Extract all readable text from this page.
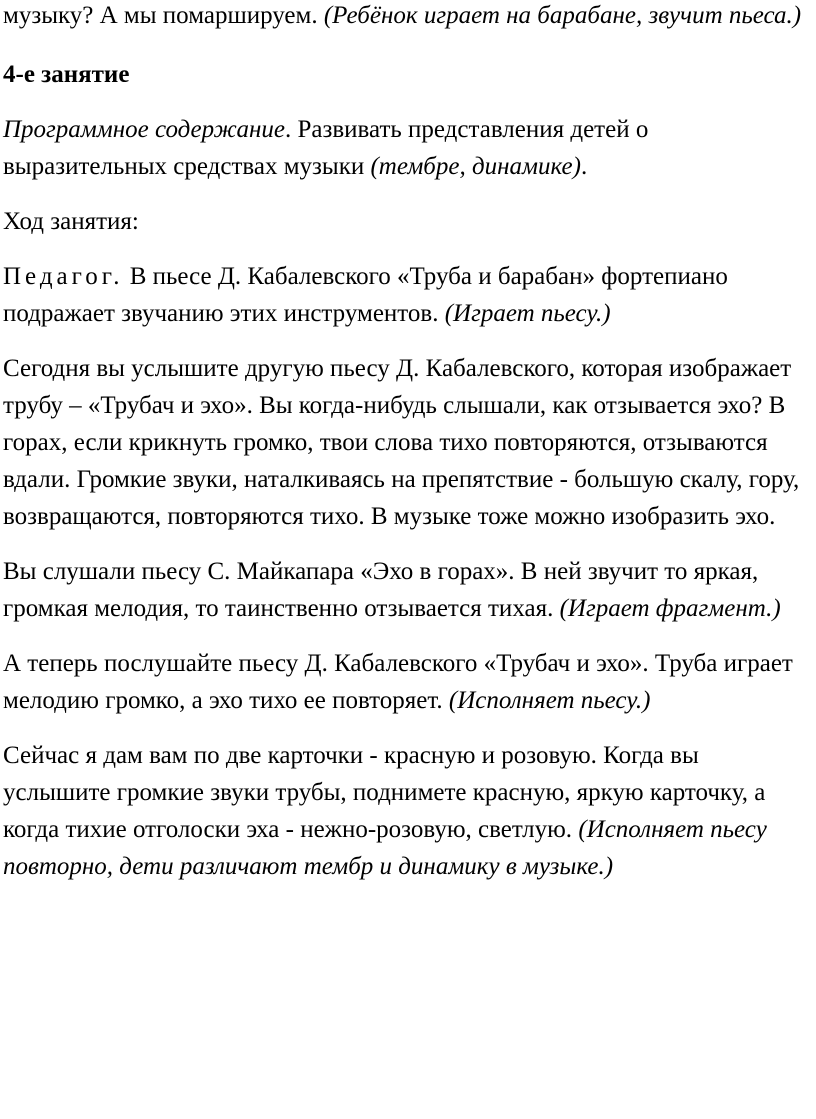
музыку? А мы помаршируем. (Ребёнок играет на барабане, звучит пьеса.)

4-е занятие

Программное содержание. Развивать представления детей о выразительных средствах музыки (тембре, динамике).

Ход занятия:

Педагог. В пьесе Д. Кабалевского «Труба и барабан» фортепиано подражает звучанию этих инструментов. (Играет пьесу.)

Сегодня вы услышите другую пьесу Д. Кабалевского, которая изображает трубу – «Трубач и эхо». Вы когда-нибудь слышали, как отзывается эхо? В горах, если крикнуть громко, твои слова тихо повторяются, отзываются вдали. Громкие звуки, наталкиваясь на препятствие - большую скалу, гору, возвращаются, повторяются тихо. В музыке тоже можно изобразить эхо.

Вы слушали пьесу С. Майкапара «Эхо в горах». В ней звучит то яркая, громкая мелодия, то таинственно отзывается тихая. (Играет фрагмент.)

А теперь послушайте пьесу Д. Кабалевского «Трубач и эхо». Труба играет мелодию громко, а эхо тихо ее повторяет. (Исполняет пьесу.)

Сейчас я дам вам по две карточки - красную и розовую. Когда вы услышите громкие звуки трубы, поднимете красную, яркую карточку, а когда тихие отголоски эха - нежно-розовую, светлую. (Исполняет пьесу повторно, дети различают тембр и динамику в музыке.)
